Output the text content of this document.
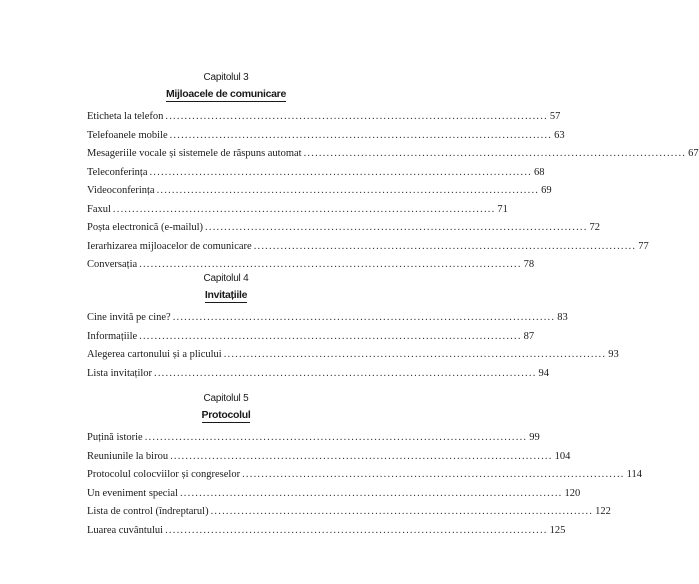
Capitolul 3
Mijloacele de comunicare
Eticheta la telefon .................................................................................................... 57
Telefoanele mobile .................................................................................................... 63
Mesageriile vocale și sistemele de răspuns automat .................................................................................................... 67
Teleconferința .................................................................................................... 68
Videoconferința .................................................................................................... 69
Faxul .................................................................................................... 71
Poșta electronică (e-mailul) .................................................................................................... 72
Ierarhizarea mijloacelor de comunicare .................................................................................................... 77
Conversația .................................................................................................... 78
Capitolul 4
Invitațiile
Cine invită pe cine? .................................................................................................... 83
Informațiile .................................................................................................... 87
Alegerea cartonului și a plicului .................................................................................................... 93
Lista invitaților .................................................................................................... 94
Capitolul 5
Protocolul
Puțină istorie .................................................................................................... 99
Reuniunile la birou .................................................................................................... 104
Protocolul colocviilor și congreselor .................................................................................................... 114
Un eveniment special .................................................................................................... 120
Lista de control (îndreptarul) .................................................................................................... 122
Luarea cuvântului .................................................................................................... 125
